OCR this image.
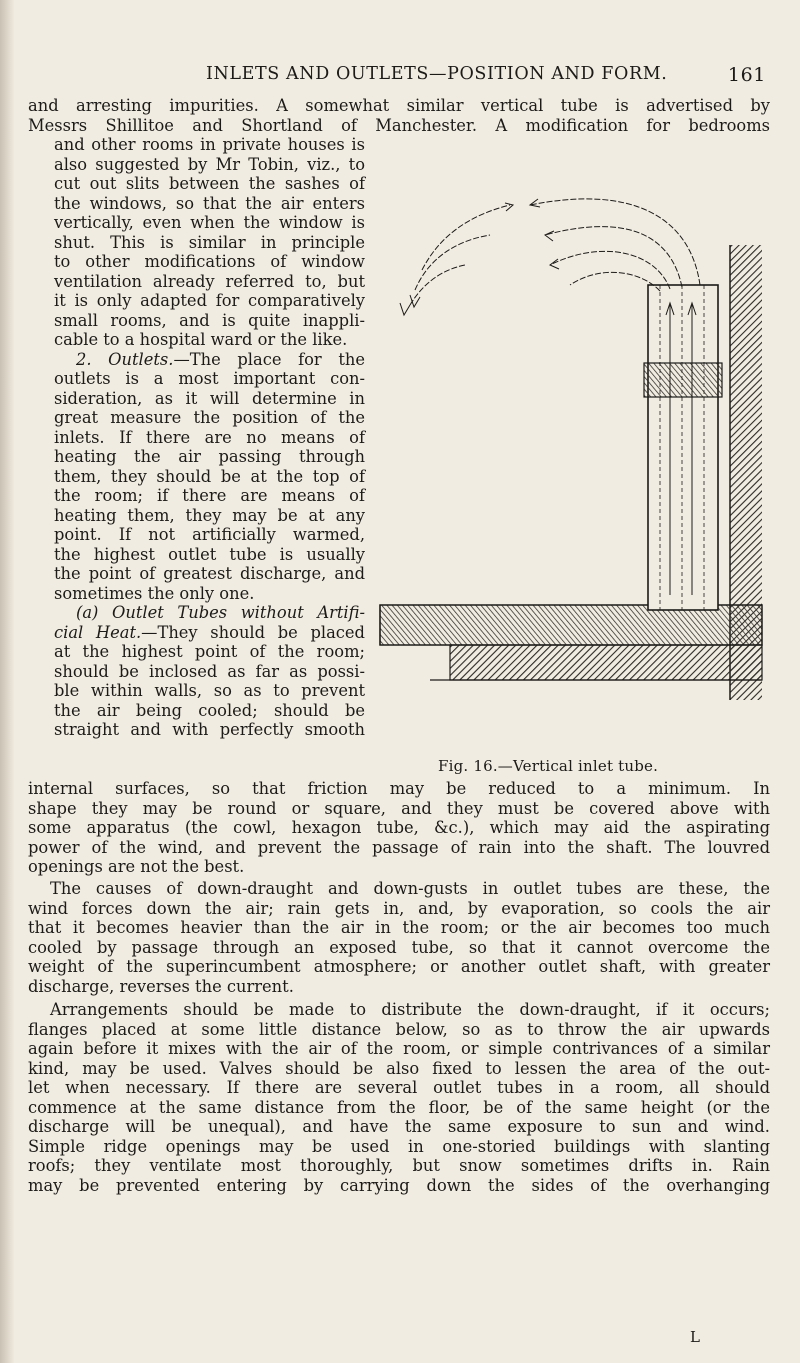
INLETS AND OUTLETS—POSITION AND FORM.	161
and arresting impurities. A somewhat similar vertical tube is advertised by
Messrs Shillitoe and Shortland of Manchester. A modification for bedrooms
and other rooms in private houses is
also suggested by Mr Tobin, viz., to
cut out slits between the sashes of
the windows, so that the air enters
vertically, even when the window is
shut. This is similar in principle
to other modifications of window
ventilation already referred to, but
it is only adapted for comparatively
small rooms, and is quite inappli-
cable to a hospital ward or the like.
2. Outlets.—The place for the
outlets is a most important con-
sideration, as it will determine in
great measure the position of the
inlets. If there are no means of
heating the air passing through
them, they should be at the top of
the room; if there are means of
heating them, they may be at any
point. If not artificially warmed,
the highest outlet tube is usually
the point of greatest discharge, and
sometimes the only one.
(a) Outlet Tubes without Artifi-
cial Heat.—They should be placed
at the highest point of the room;
should be inclosed as far as possi-
ble within walls, so as to prevent
the air being cooled; should be
straight and with perfectly smooth
Fig. 16.—Vertical inlet tube.
internal surfaces, so that friction may be reduced to a minimum. In
shape they may be round or square, and they must be covered above with
some apparatus (the cowl, hexagon tube, &c.), which may aid the aspirating
power of the wind, and prevent the passage of rain into the shaft. The louvred
openings are not the best.
The causes of down-draught and down-gusts in outlet tubes are these, the
wind forces down the air; rain gets in, and, by evaporation, so cools the air
that it becomes heavier than the air in the room; or the air becomes too much
cooled by passage through an exposed tube, so that it cannot overcome the
weight of the superincumbent atmosphere; or another outlet shaft, with greater
discharge, reverses the current.
Arrangements should be made to distribute the down-draught, if it occurs;
flanges placed at some little distance below, so as to throw the air upwards
again before it mixes with the air of the room, or simple contrivances of a similar
kind, may be used. Valves should be also fixed to lessen the area of the out-
let when necessary. If there are several outlet tubes in a room, all should
commence at the same distance from the floor, be of the same height (or the
discharge will be unequal), and have the same exposure to sun and wind.
Simple ridge openings may be used in one-storied buildings with slanting
roofs; they ventilate most thoroughly, but snow sometimes drifts in. Rain
may be prevented entering by carrying down the sides of the overhanging
L
